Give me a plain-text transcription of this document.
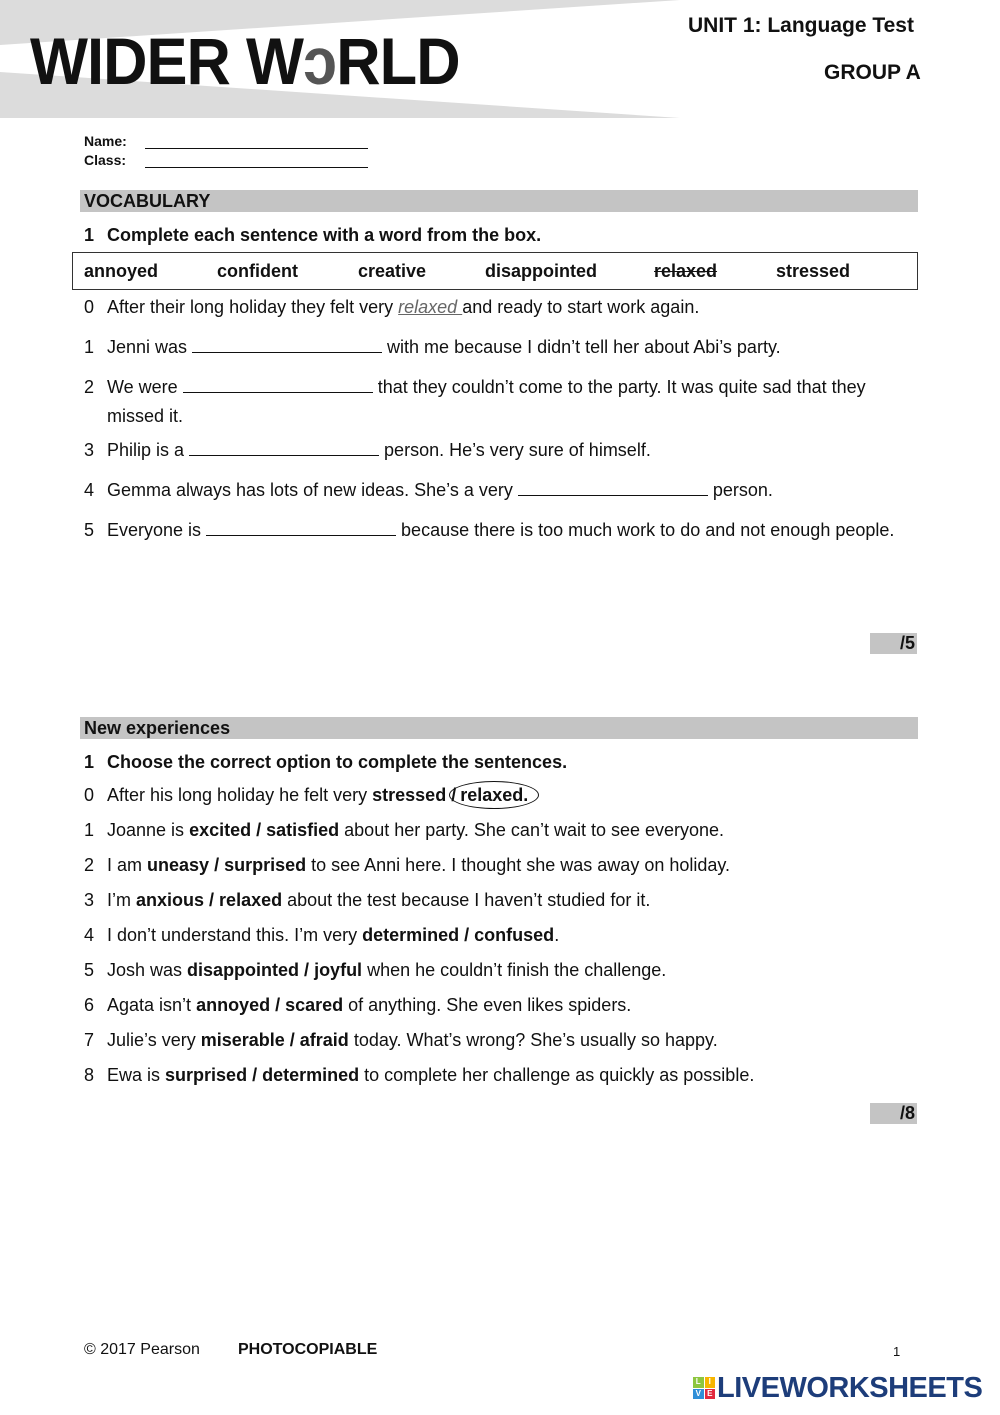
WIDER WↄRLD	UNIT 1: Language Test
GROUP A
Name:
Class:
VOCABULARY
1 Complete each sentence with a word from the box.
annoyed	confident	creative	disappointed	relaxed	stressed
0 After their long holiday they felt very relaxed and ready to start work again.
1 Jenni was	with me because I didn’t tell her about Abi’s party.
2 We were	that they couldn’t come to the party. It was quite sad that they missed it.
3 Philip is a	person. He’s very sure of himself.
4 Gemma always has lots of new ideas. She’s a very	person.
5 Everyone is	because there is too much work to do and not enough people.
/5
New experiences
1 Choose the correct option to complete the sentences.
0 After his long holiday he felt very stressed / relaxed.
1 Joanne is excited / satisfied about her party. She can’t wait to see everyone.
2 I am uneasy / surprised to see Anni here. I thought she was away on holiday.
3 I’m anxious / relaxed about the test because I haven’t studied for it.
4 I don’t understand this. I’m very determined / confused.
5 Josh was disappointed / joyful when he couldn’t finish the challenge.
6 Agata isn’t annoyed / scared of anything. She even likes spiders.
7 Julie’s very miserable / afraid today. What’s wrong? She’s usually so happy.
8 Ewa is surprised / determined to complete her challenge as quickly as possible.
/8
© 2017 Pearson PHOTOCOPIABLE	1
L I
V E LIVEWORKSHEETS
